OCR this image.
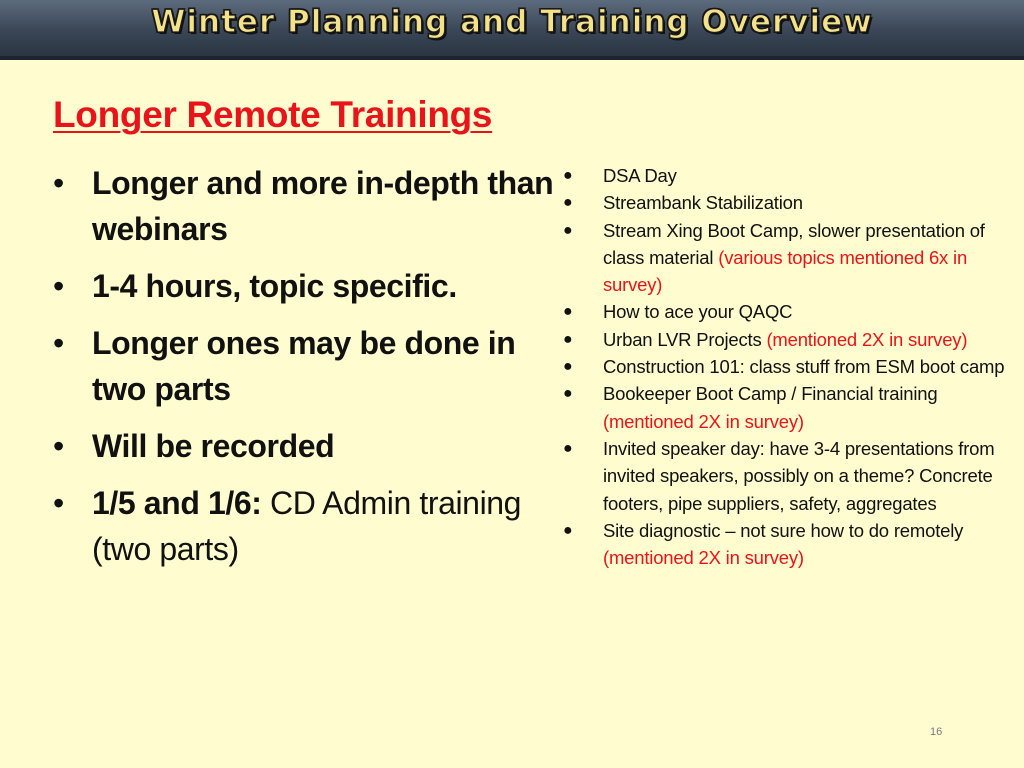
Winter Planning and Training Overview
Longer Remote Trainings
• Longer and more in-depth than webinars
• 1-4 hours, topic specific.
• Longer ones may be done in two parts
• Will be recorded
• 1/5 and 1/6: CD Admin training (two parts)
● DSA Day
● Streambank Stabilization
● Stream Xing Boot Camp, slower presentation of class material (various topics mentioned 6x in survey)
● How to ace your QAQC
● Urban LVR Projects (mentioned 2X in survey)
● Construction 101: class stuff from ESM boot camp
● Bookeeper Boot Camp / Financial training (mentioned 2X in survey)
● Invited speaker day: have 3-4 presentations from invited speakers, possibly on a theme? Concrete footers, pipe suppliers, safety, aggregates
● Site diagnostic – not sure how to do remotely (mentioned 2X in survey)
16
